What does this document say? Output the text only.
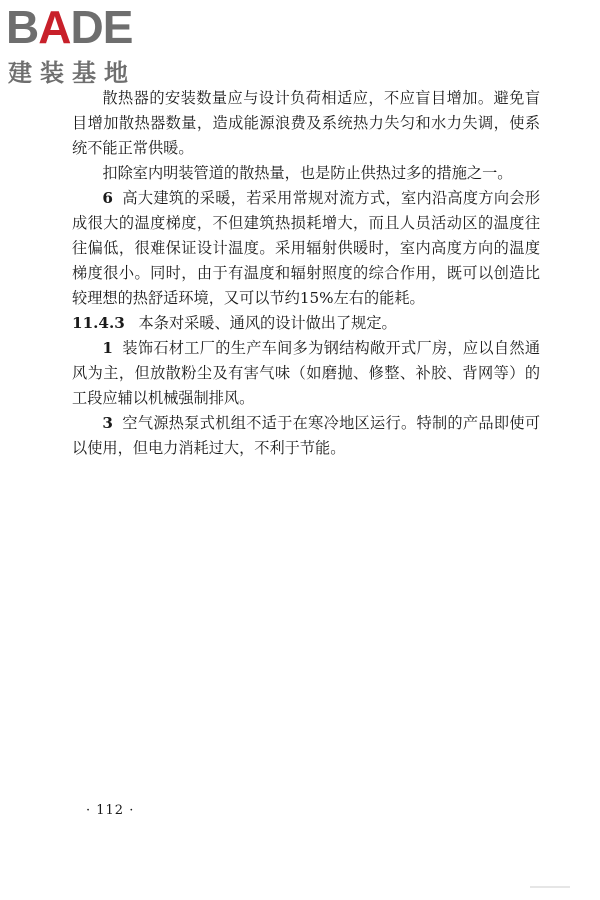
BADE
建装基地

散热器的安装数量应与设计负荷相适应，不应盲目增加。避免盲目增加散热器数量，造成能源浪费及系统热力失匀和水力失调，使系统不能正常供暖。

扣除室内明装管道的散热量，也是防止供热过多的措施之一。

6 高大建筑的采暖，若采用常规对流方式，室内沿高度方向会形成很大的温度梯度，不但建筑热损耗增大，而且人员活动区的温度往往偏低，很难保证设计温度。采用辐射供暖时，室内高度方向的温度梯度很小。同时，由于有温度和辐射照度的综合作用，既可以创造比较理想的热舒适环境，又可以节约15%左右的能耗。

11.4.3 本条对采暖、通风的设计做出了规定。

1 装饰石材工厂的生产车间多为钢结构敞开式厂房，应以自然通风为主，但放散粉尘及有害气味（如磨抛、修整、补胶、背网等）的工段应辅以机械强制排风。

3 空气源热泵式机组不适于在寒冷地区运行。特制的产品即使可以使用，但电力消耗过大，不利于节能。

· 112 ·
